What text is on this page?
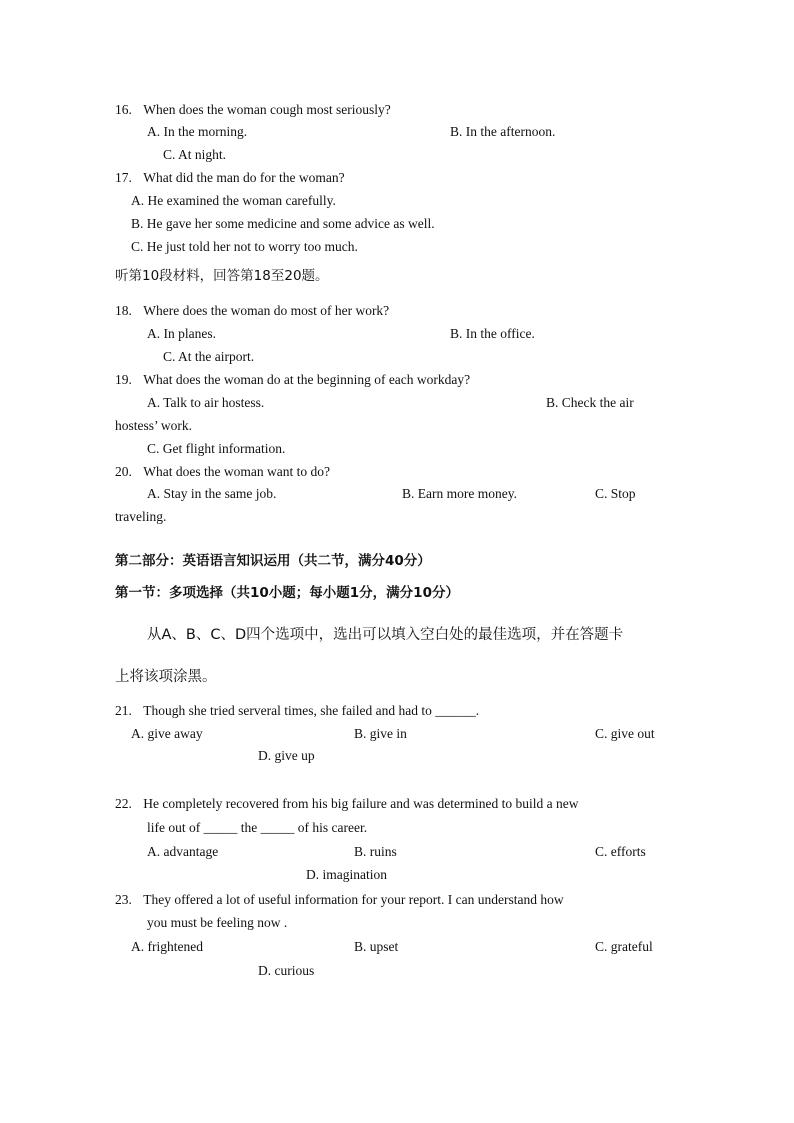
16. When does the woman cough most seriously?
A. In the morning.	B. In the afternoon.
C. At night.
17. What did the man do for the woman?
A. He examined the woman carefully.
B. He gave her some medicine and some advice as well.
C. He just told her not to worry too much.
听第10段材料，回答第18至20题。
18. Where does the woman do most of her work?
A. In planes.	B. In the office.
C. At the airport.
19. What does the woman do at the beginning of each workday?
A. Talk to air hostess.	B. Check the air
hostess’ work.
C. Get flight information.
20. What does the woman want to do?
A. Stay in the same job.	B. Earn more money.	C. Stop
traveling.
第二部分：英语语言知识运用（共二节，满分40分）
第一节：多项选择（共10小题；每小题1分，满分10分）
从A、B、C、D四个选项中，选出可以填入空白处的最佳选项，并在答题卡
上将该项涂黑。
21. Though she tried serveral times, she failed and had to ______.
A. give away	B. give in	C. give out
D. give up
22. He completely recovered from his big failure and was determined to build a new
life out of _____ the _____ of his career.
A. advantage	B. ruins	C. efforts
D. imagination
23. They offered a lot of useful information for your report. I can understand how
you must be feeling now .
A. frightened	B. upset	C. grateful
D. curious
